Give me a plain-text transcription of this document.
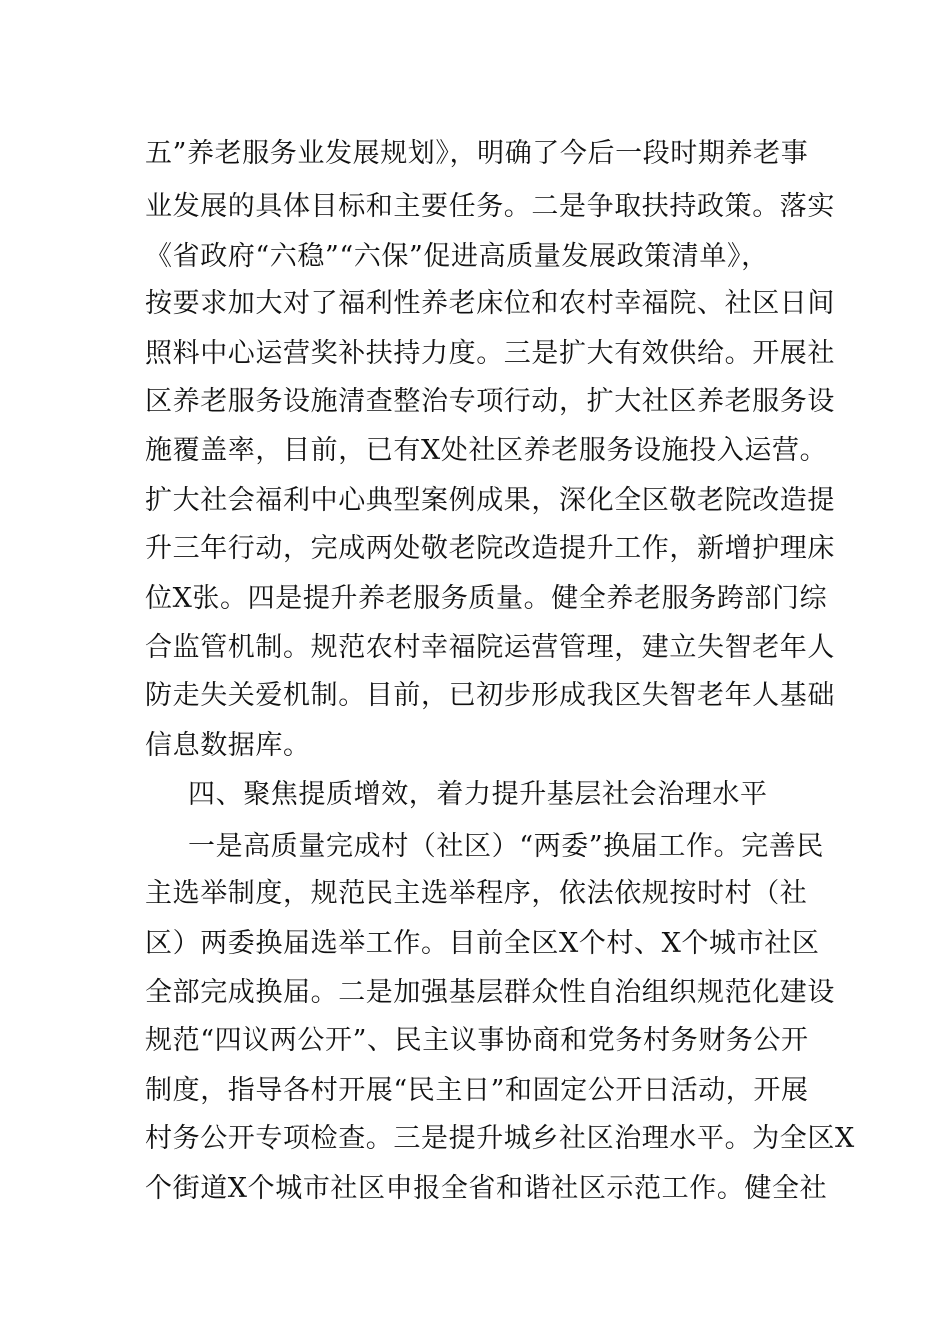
五”养老服务业发展规划》，明确了今后一段时期养老事
业发展的具体目标和主要任务。二是争取扶持政策。落实
《省政府“六稳”“六保”促进高质量发展政策清单》，
按要求加大对了福利性养老床位和农村幸福院、社区日间
照料中心运营奖补扶持力度。三是扩大有效供给。开展社
区养老服务设施清查整治专项行动，扩大社区养老服务设
施覆盖率，目前，已有X处社区养老服务设施投入运营。
扩大社会福利中心典型案例成果，深化全区敬老院改造提
升三年行动，完成两处敬老院改造提升工作，新增护理床
位X张。四是提升养老服务质量。健全养老服务跨部门综
合监管机制。规范农村幸福院运营管理，建立失智老年人
防走失关爱机制。目前，已初步形成我区失智老年人基础
信息数据库。
四、聚焦提质增效，着力提升基层社会治理水平
一是高质量完成村（社区）“两委”换届工作。完善民
主选举制度，规范民主选举程序，依法依规按时村（社
区）两委换届选举工作。目前全区X个村、X个城市社区
全部完成换届。二是加强基层群众性自治组织规范化建设
规范“四议两公开”、民主议事协商和党务村务财务公开
制度，指导各村开展“民主日”和固定公开日活动，开展
村务公开专项检查。三是提升城乡社区治理水平。为全区X
个街道X个城市社区申报全省和谐社区示范工作。健全社
